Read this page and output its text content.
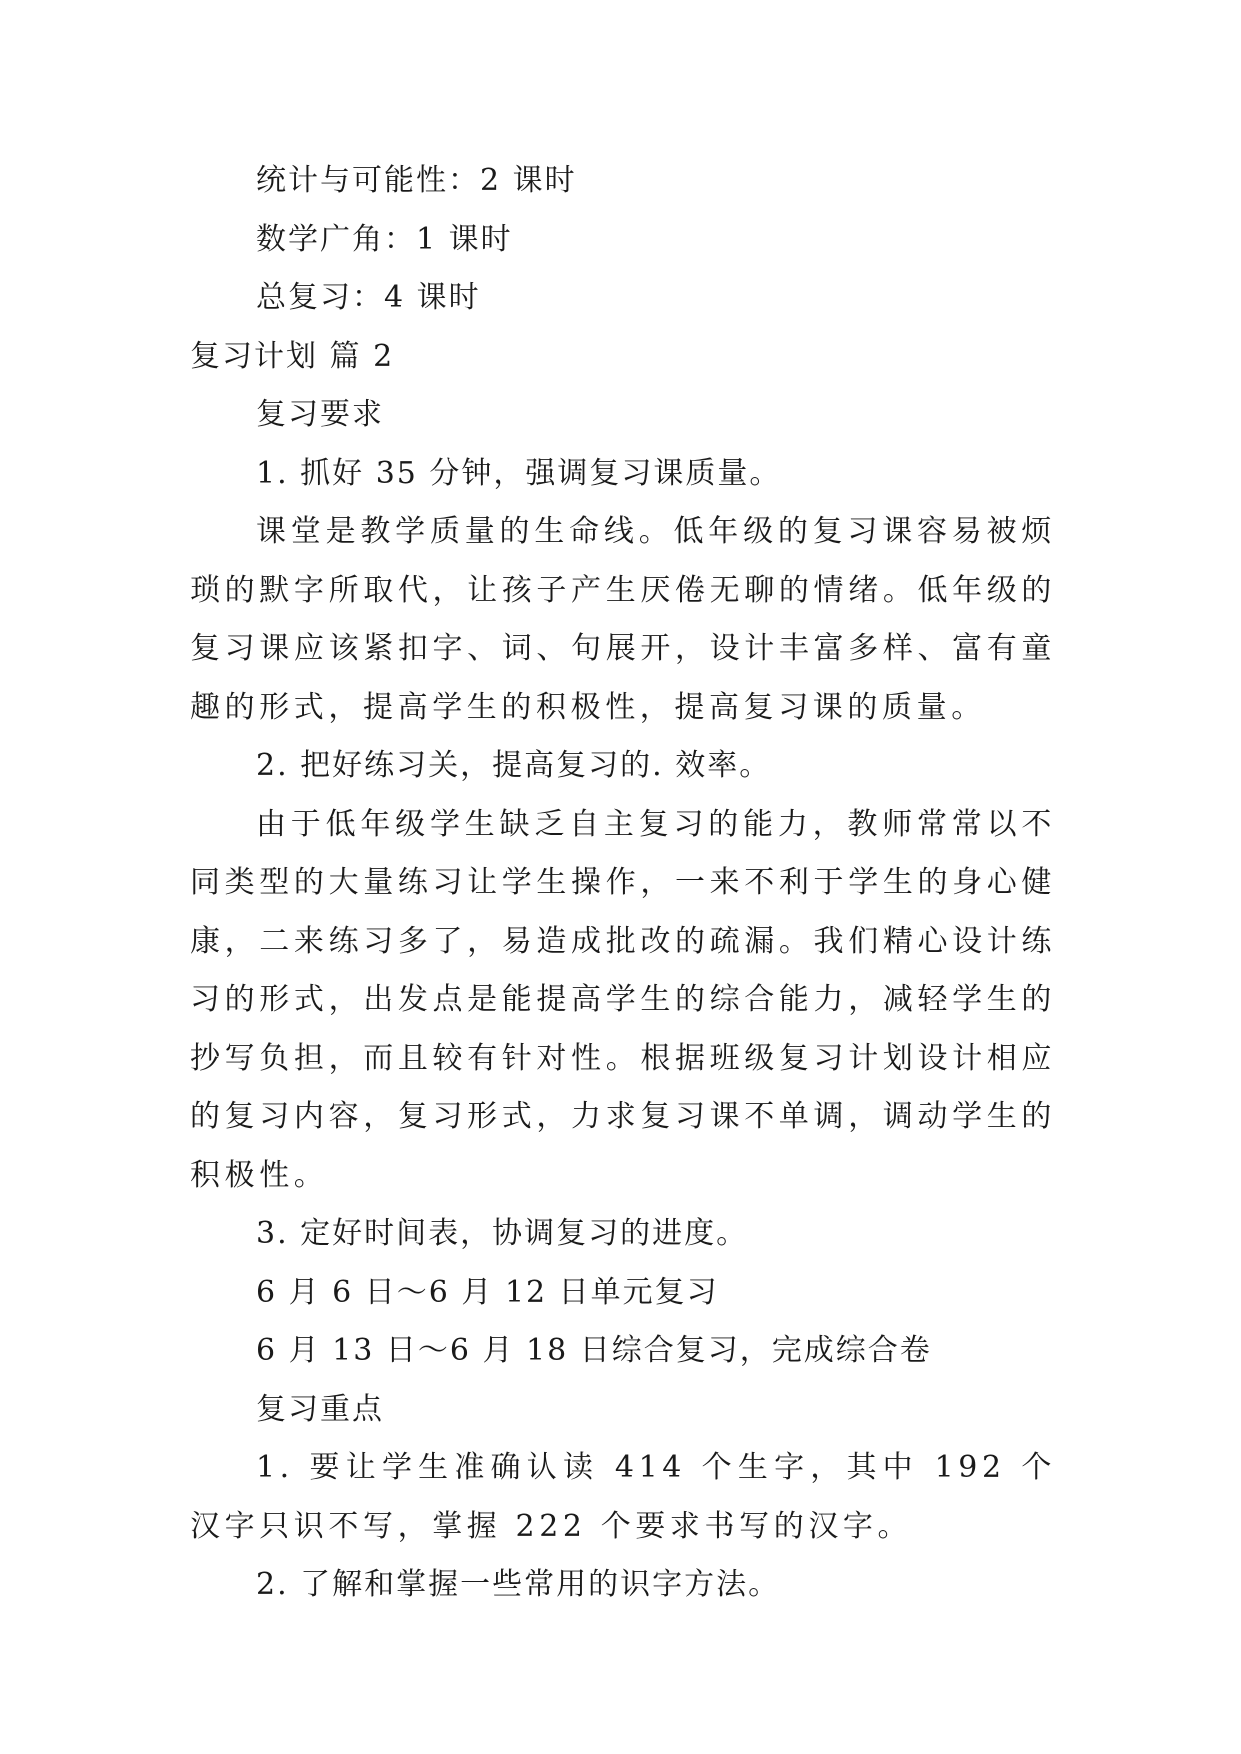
统计与可能性：2 课时

数学广角：1 课时

总复习：4 课时

复习计划 篇 2

复习要求

1. 抓好 35 分钟，强调复习课质量。

课堂是教学质量的生命线。低年级的复习课容易被烦琐的默字所取代，让孩子产生厌倦无聊的情绪。低年级的复习课应该紧扣字、词、句展开，设计丰富多样、富有童趣的形式，提高学生的积极性，提高复习课的质量。

2. 把好练习关，提高复习的. 效率。

由于低年级学生缺乏自主复习的能力，教师常常以不同类型的大量练习让学生操作，一来不利于学生的身心健康，二来练习多了，易造成批改的疏漏。我们精心设计练习的形式，出发点是能提高学生的综合能力，减轻学生的抄写负担，而且较有针对性。根据班级复习计划设计相应的复习内容，复习形式，力求复习课不单调，调动学生的积极性。

3. 定好时间表，协调复习的进度。

6 月 6 日～6 月 12 日单元复习

6 月 13 日～6 月 18 日综合复习，完成综合卷

复习重点

1. 要让学生准确认读 414 个生字，其中 192 个汉字只识不写，掌握 222 个要求书写的汉字。

2. 了解和掌握一些常用的识字方法。
